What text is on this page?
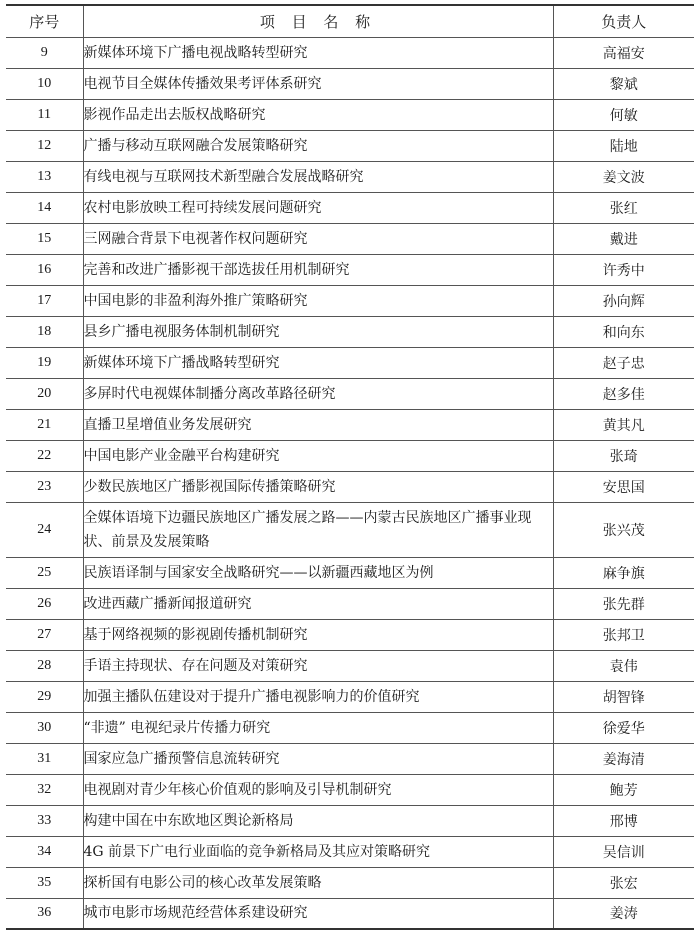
序号	项 目 名 称	负责人
9	新媒体环境下广播电视战略转型研究	高福安
10	电视节目全媒体传播效果考评体系研究	黎斌
11	影视作品走出去版权战略研究	何敏
12	广播与移动互联网融合发展策略研究	陆地
13	有线电视与互联网技术新型融合发展战略研究	姜文波
14	农村电影放映工程可持续发展问题研究	张红
15	三网融合背景下电视著作权问题研究	戴进
16	完善和改进广播影视干部选拔任用机制研究	许秀中
17	中国电影的非盈利海外推广策略研究	孙向辉
18	县乡广播电视服务体制机制研究	和向东
19	新媒体环境下广播战略转型研究	赵子忠
20	多屏时代电视媒体制播分离改革路径研究	赵多佳
21	直播卫星增值业务发展研究	黄其凡
22	中国电影产业金融平台构建研究	张琦
23	少数民族地区广播影视国际传播策略研究	安思国
24	全媒体语境下边疆民族地区广播发展之路——内蒙古民族地区广播事业现状、前景及发展策略	张兴茂
25	民族语译制与国家安全战略研究——以新疆西藏地区为例	麻争旗
26	改进西藏广播新闻报道研究	张先群
27	基于网络视频的影视剧传播机制研究	张邦卫
28	手语主持现状、存在问题及对策研究	袁伟
29	加强主播队伍建设对于提升广播电视影响力的价值研究	胡智锋
30	“非遗” 电视纪录片传播力研究	徐爱华
31	国家应急广播预警信息流转研究	姜海清
32	电视剧对青少年核心价值观的影响及引导机制研究	鲍芳
33	构建中国在中东欧地区舆论新格局	邢博
34	4G 前景下广电行业面临的竞争新格局及其应对策略研究	吴信训
35	探析国有电影公司的核心改革发展策略	张宏
36	城市电影市场规范经营体系建设研究	姜涛
